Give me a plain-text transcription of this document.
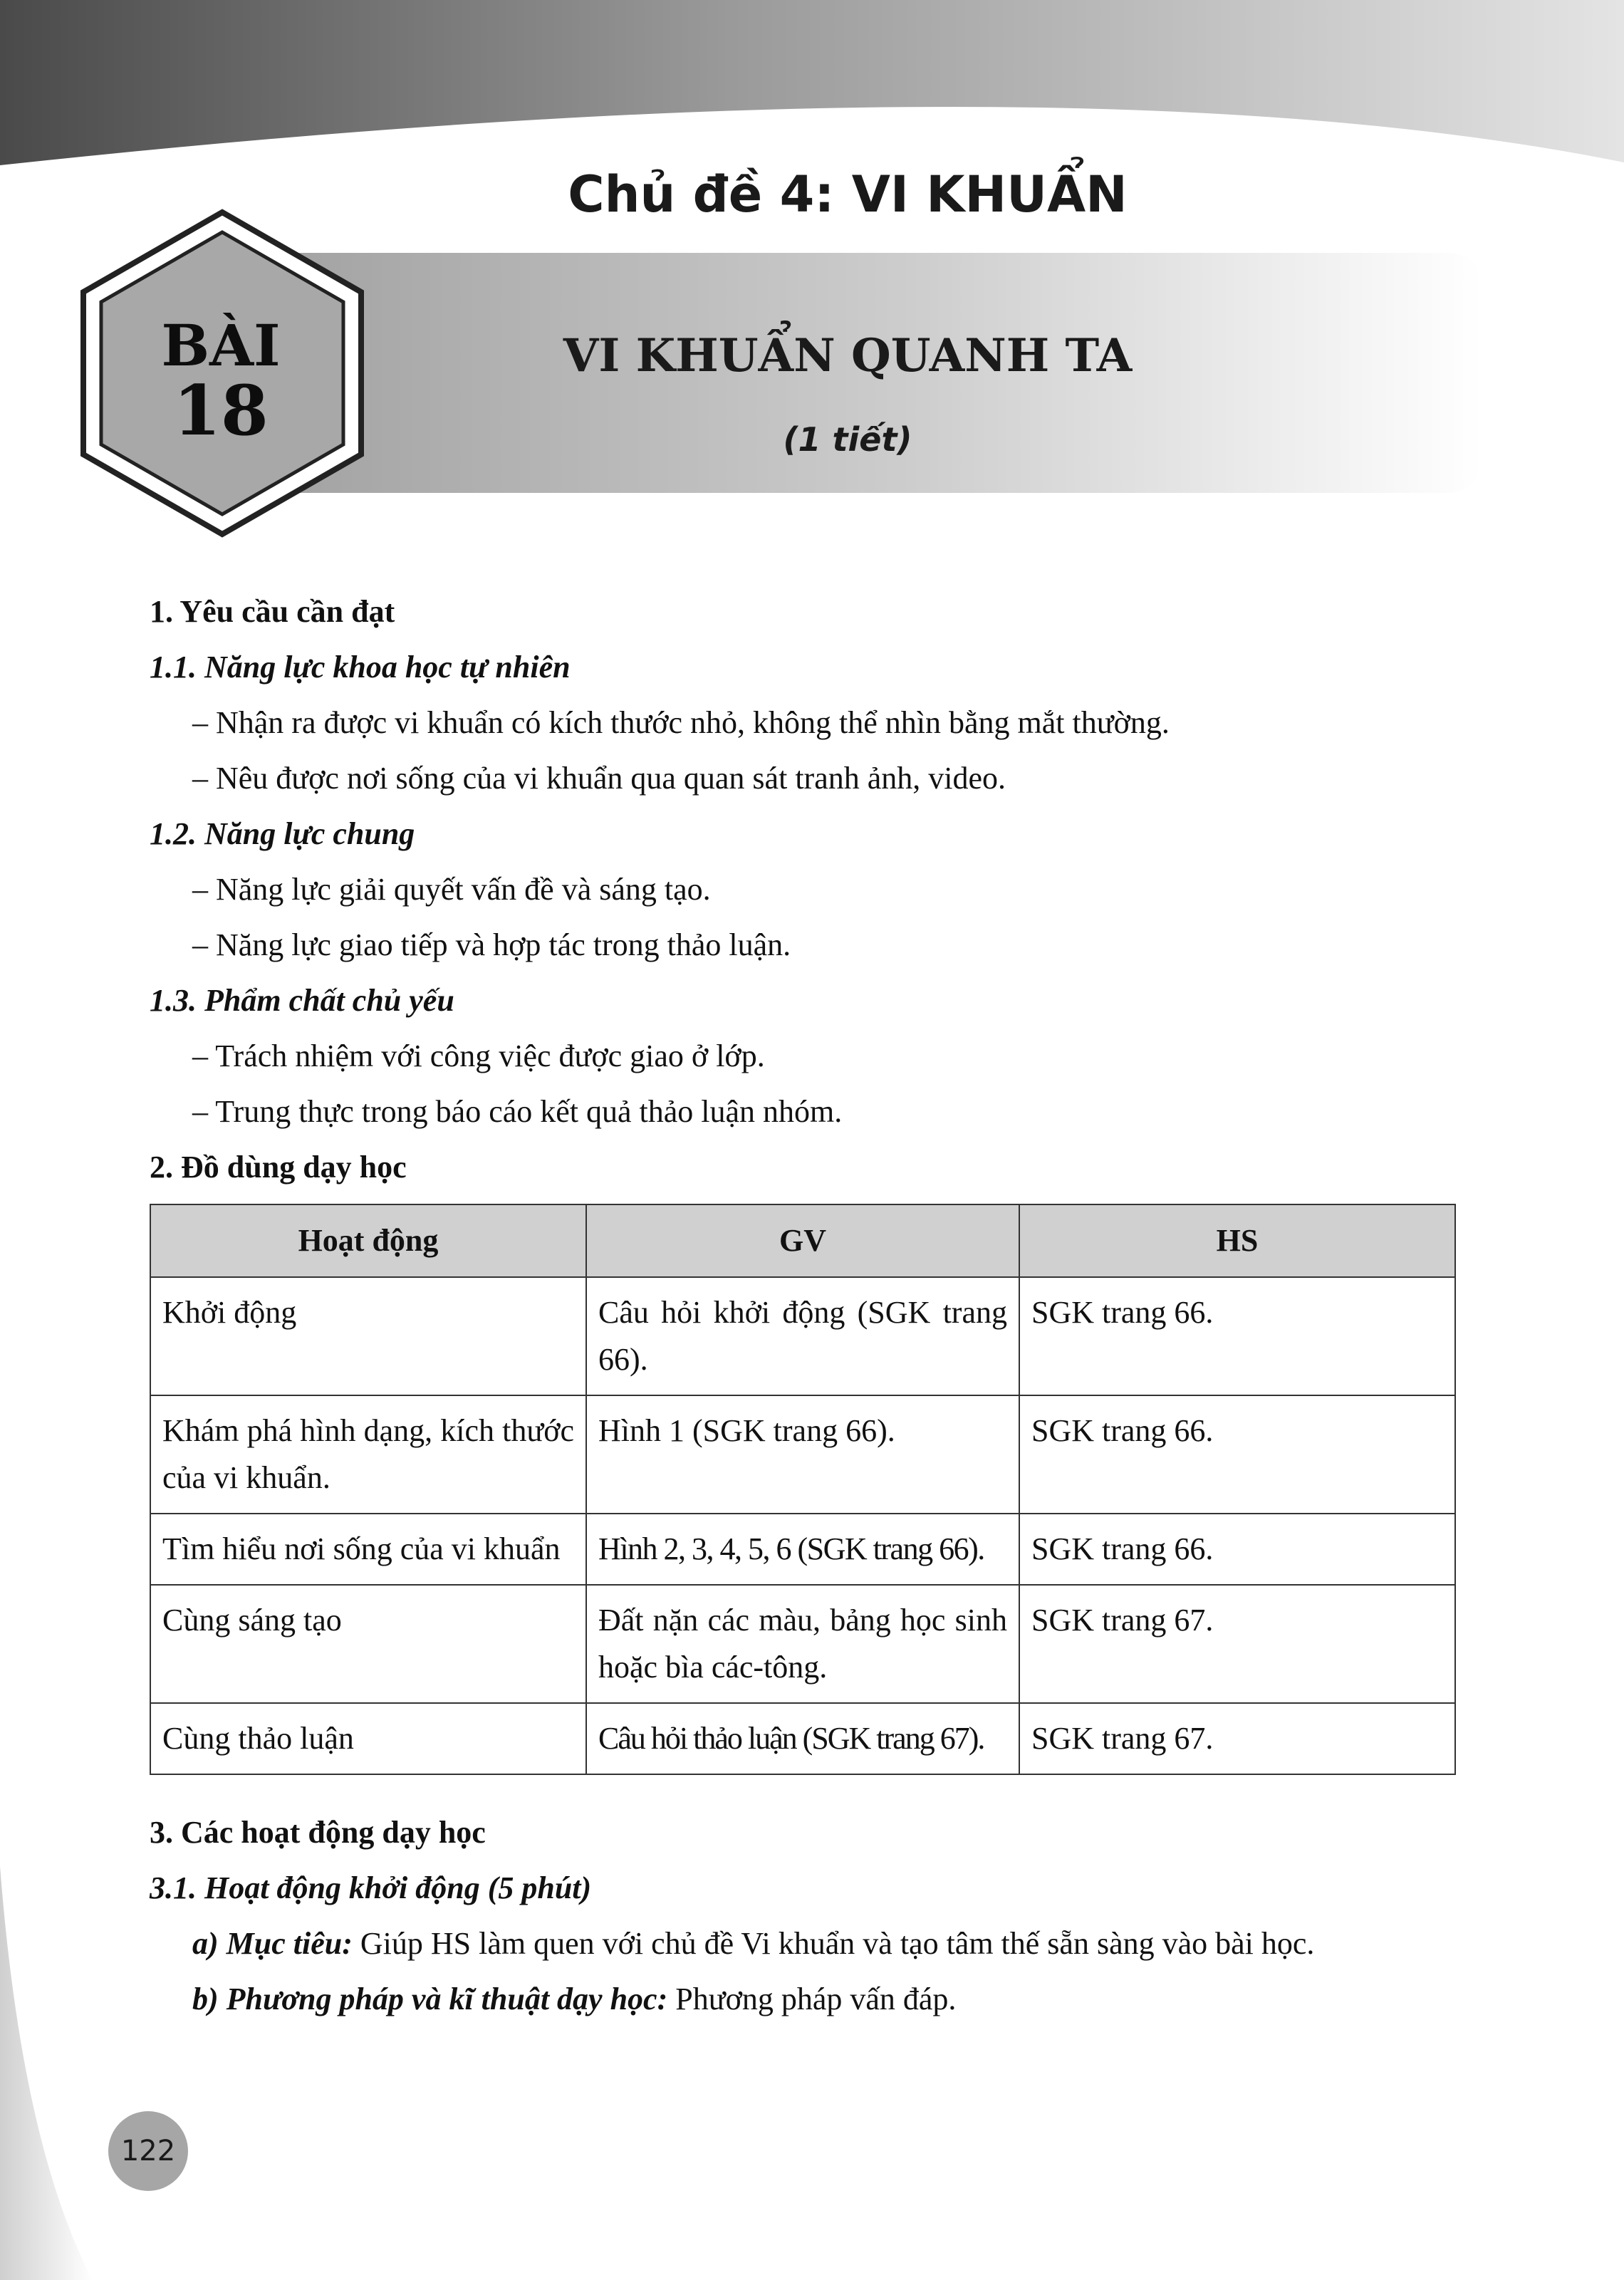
Chủ đề 4: VI KHUẨN
BÀI
18
VI KHUẨN QUANH TA
(1 tiết)
1. Yêu cầu cần đạt
1.1. Năng lực khoa học tự nhiên
– Nhận ra được vi khuẩn có kích thước nhỏ, không thể nhìn bằng mắt thường.
– Nêu được nơi sống của vi khuẩn qua quan sát tranh ảnh, video.
1.2. Năng lực chung
– Năng lực giải quyết vấn đề và sáng tạo.
– Năng lực giao tiếp và hợp tác trong thảo luận.
1.3. Phẩm chất chủ yếu
– Trách nhiệm với công việc được giao ở lớp.
– Trung thực trong báo cáo kết quả thảo luận nhóm.
2. Đồ dùng dạy học
Hoạt động	GV	HS
Khởi động	Câu hỏi khởi động (SGK trang 66).	SGK trang 66.
Khám phá hình dạng, kích thước của vi khuẩn.	Hình 1 (SGK trang 66).	SGK trang 66.
Tìm hiểu nơi sống của vi khuẩn	Hình 2, 3, 4, 5, 6 (SGK trang 66).	SGK trang 66.
Cùng sáng tạo	Đất nặn các màu, bảng học sinh hoặc bìa các-tông.	SGK trang 67.
Cùng thảo luận	Câu hỏi thảo luận (SGK trang 67).	SGK trang 67.
3. Các hoạt động dạy học
3.1. Hoạt động khởi động (5 phút)
a) Mục tiêu: Giúp HS làm quen với chủ đề Vi khuẩn và tạo tâm thế sẵn sàng vào bài học.
b) Phương pháp và kĩ thuật dạy học: Phương pháp vấn đáp.
122
